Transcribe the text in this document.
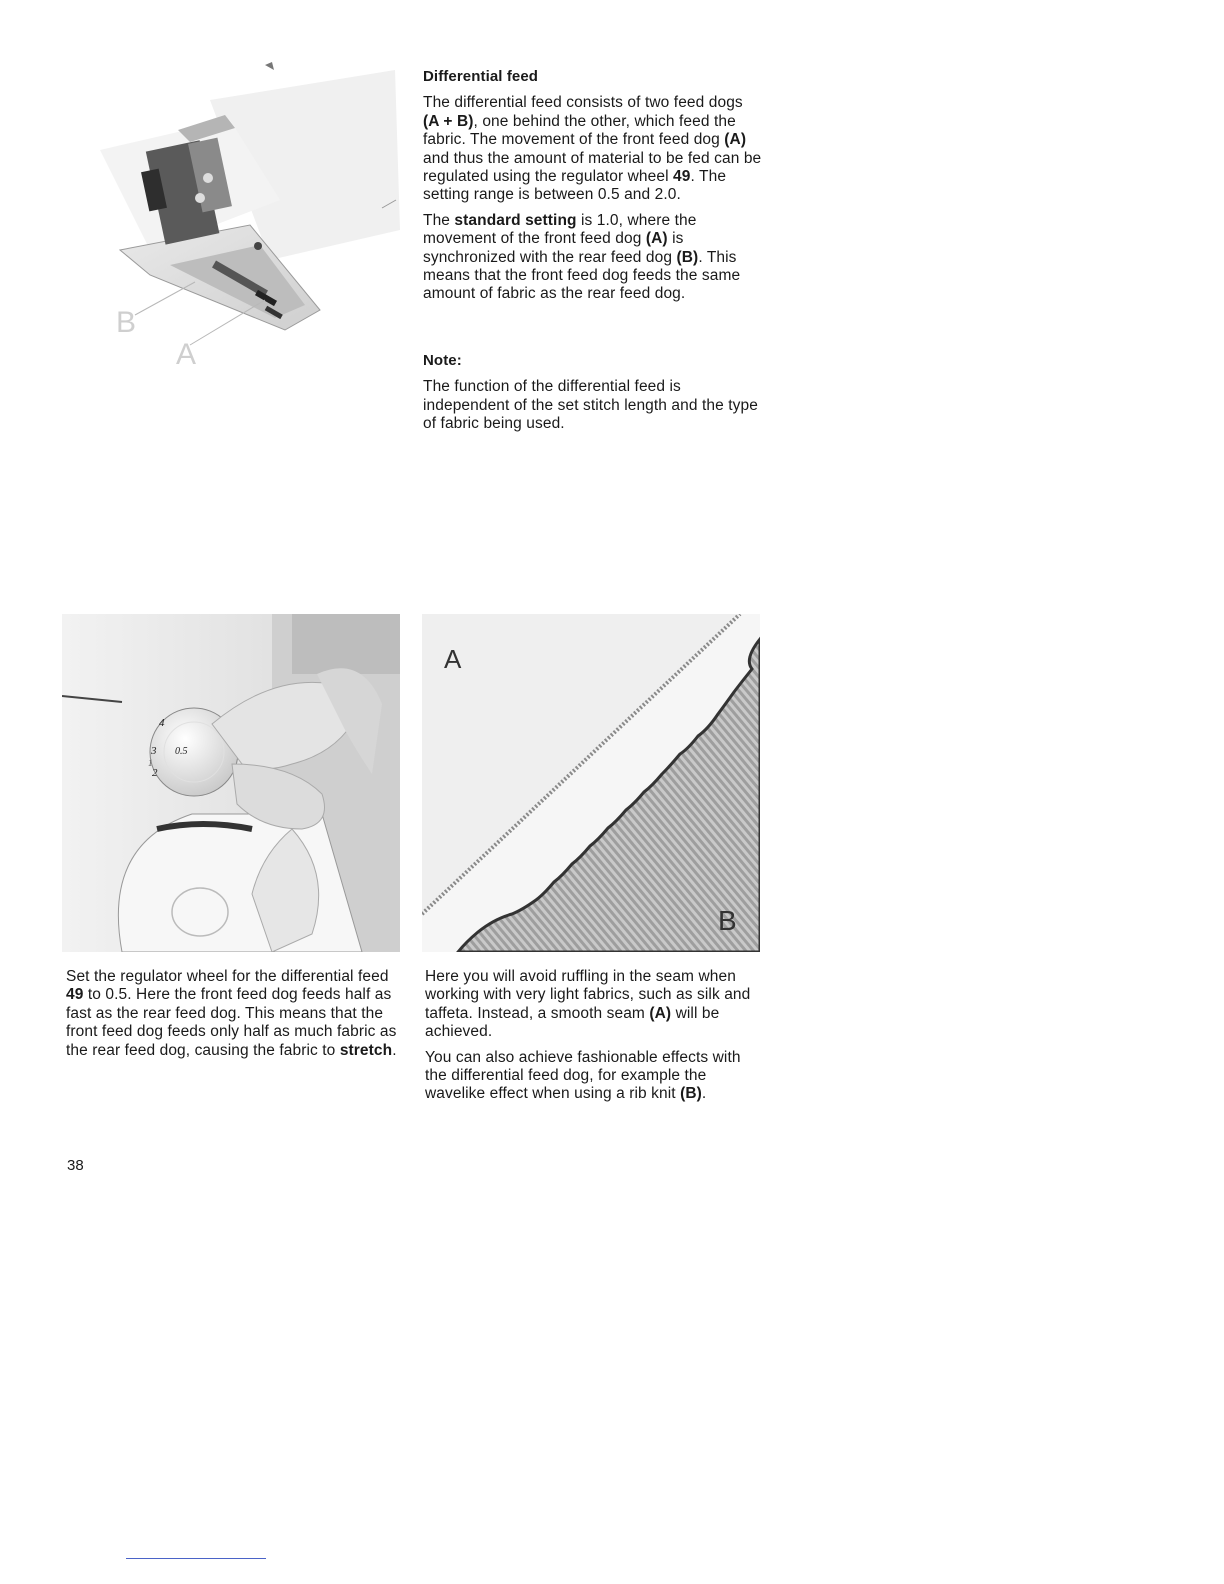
B
A
Differential feed

The differential feed consists of two feed dogs (A + B), one behind the other, which feed the fabric. The movement of the front feed dog (A) and thus the amount of material to be fed can be regulated using the regulator wheel 49. The setting range is between 0.5 and 2.0.

The standard setting is 1.0, where the movement of the front feed dog (A) is synchronized with the rear feed dog (B). This means that the front feed dog feeds the same amount of fabric as the rear feed dog.

Note:

The function of the differential feed is independent of the set stitch length and the type of fabric being used.

4
3
2
1
0.5
A
B

Set the regulator wheel for the differential feed 49 to 0.5. Here the front feed dog feeds half as fast as the rear feed dog. This means that the front feed dog feeds only half as much fabric as the rear feed dog, causing the fabric to stretch.

Here you will avoid ruffling in the seam when working with very light fabrics, such as silk and taffeta. Instead, a smooth seam (A) will be achieved.

You can also achieve fashionable effects with the differential feed dog, for example the wavelike effect when using a rib knit (B).

38
